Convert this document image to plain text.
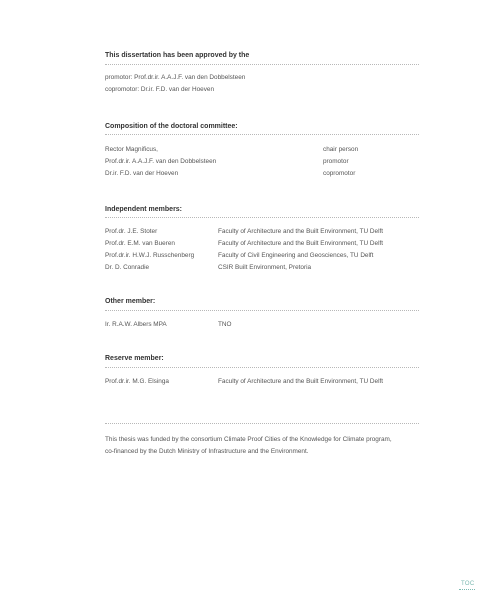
This dissertation has been approved by the
promotor: Prof.dr.ir. A.A.J.F. van den Dobbelsteen
copromotor: Dr.ir. F.D. van der Hoeven
Composition of the doctoral committee:
Rector Magnificus,	chair person
Prof.dr.ir. A.A.J.F. van den Dobbelsteen	promotor
Dr.ir. F.D. van der Hoeven	copromotor
Independent members:
Prof.dr. J.E. Stoter	Faculty of Architecture and the Built Environment, TU Delft
Prof.dr. E.M. van Bueren	Faculty of Architecture and the Built Environment, TU Delft
Prof.dr.ir. H.W.J. Russchenberg	Faculty of Civil Engineering and Geosciences, TU Delft
Dr. D. Conradie	CSIR Built Environment, Pretoria
Other member:
Ir. R.A.W. Albers MPA	TNO
Reserve member:
Prof.dr.ir. M.G. Elsinga	Faculty of Architecture and the Built Environment, TU Delft
This thesis was funded by the consortium Climate Proof Cities of the Knowledge for Climate program,
co-financed by the Dutch Ministry of Infrastructure and the Environment.
TOC
